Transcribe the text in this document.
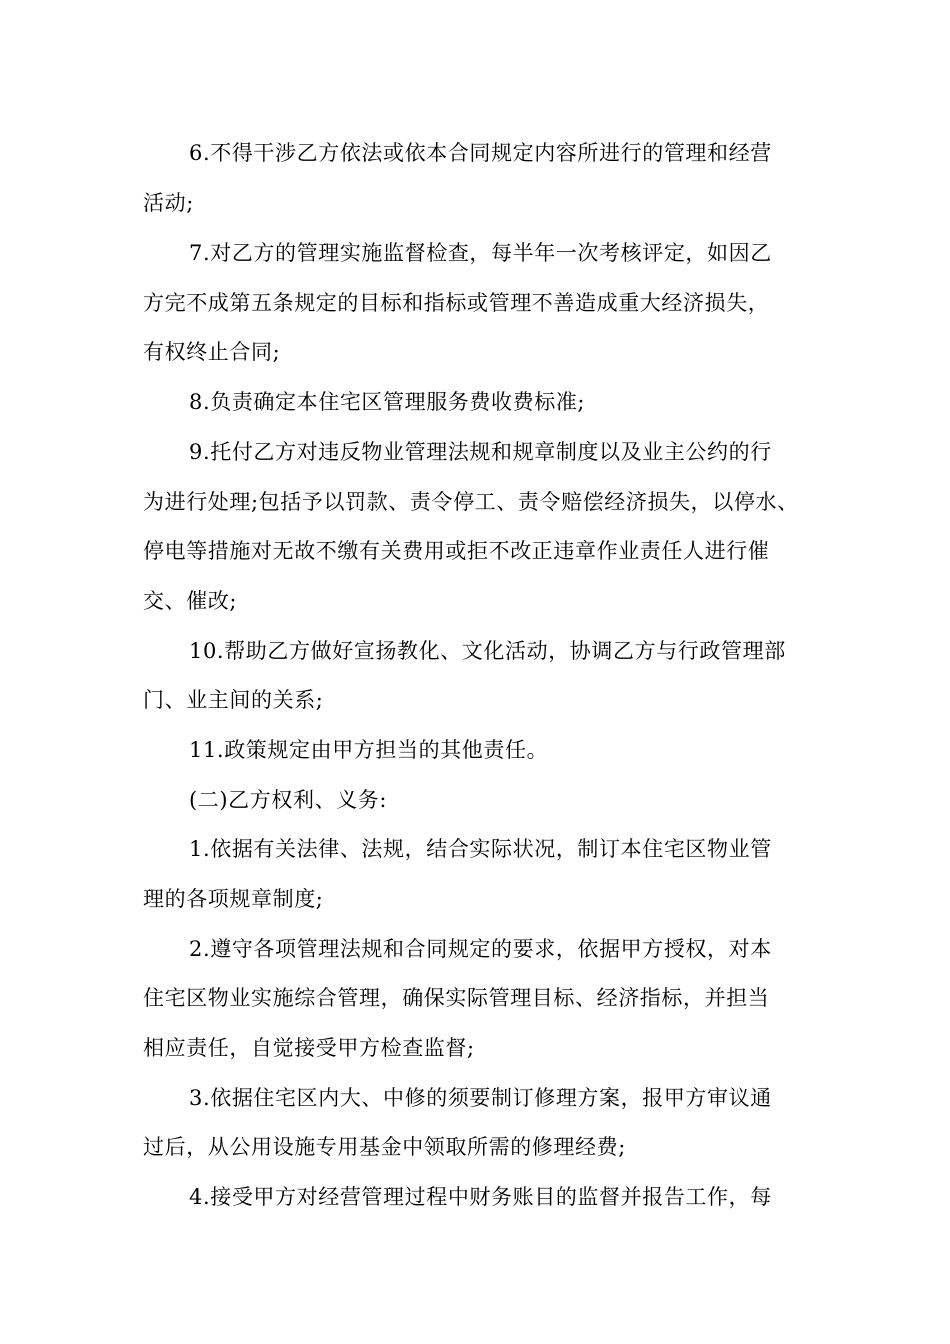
6.不得干涉乙方依法或依本合同规定内容所进行的管理和经营
活动;
7.对乙方的管理实施监督检查，每半年一次考核评定，如因乙
方完不成第五条规定的目标和指标或管理不善造成重大经济损失，
有权终止合同;
8.负责确定本住宅区管理服务费收费标准;
9.托付乙方对违反物业管理法规和规章制度以及业主公约的行
为进行处理;包括予以罚款、责令停工、责令赔偿经济损失，以停水、
停电等措施对无故不缴有关费用或拒不改正违章作业责任人进行催
交、催改;
10.帮助乙方做好宣扬教化、文化活动，协调乙方与行政管理部
门、业主间的关系;
11.政策规定由甲方担当的其他责任。
(二)乙方权利、义务:
1.依据有关法律、法规，结合实际状况，制订本住宅区物业管
理的各项规章制度;
2.遵守各项管理法规和合同规定的要求，依据甲方授权，对本
住宅区物业实施综合管理，确保实际管理目标、经济指标，并担当
相应责任，自觉接受甲方检查监督;
3.依据住宅区内大、中修的须要制订修理方案，报甲方审议通
过后，从公用设施专用基金中领取所需的修理经费;
4.接受甲方对经营管理过程中财务账目的监督并报告工作，每
